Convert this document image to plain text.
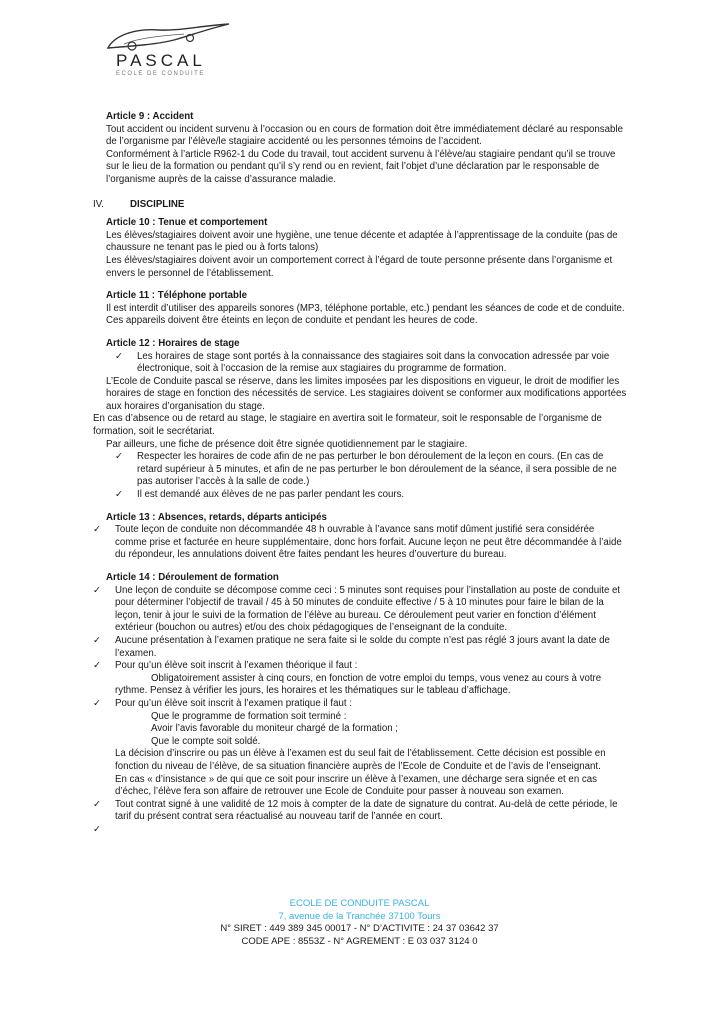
PASCAL
ECOLE DE CONDUITE
Article 9 : Accident
Tout accident ou incident survenu à l’occasion ou en cours de formation doit être immédiatement déclaré au responsable de l’organisme par l’élève/le stagiaire accidenté ou les personnes témoins de l’accident.
Conformément à l’article R962-1 du Code du travail, tout accident survenu à l’élève/au stagiaire pendant qu’il se trouve sur le lieu de la formation ou pendant qu’il s’y rend ou en revient, fait l’objet d’une déclaration par le responsable de l’organisme auprès de la caisse d’assurance maladie.
IV.	DISCIPLINE
Article 10 : Tenue et comportement
Les élèves/stagiaires doivent avoir une hygiène, une tenue décente et adaptée à l’apprentissage de la conduite (pas de chaussure ne tenant pas le pied ou à forts talons)
Les élèves/stagiaires doivent avoir un comportement correct à l’égard de toute personne présente dans l’organisme et envers le personnel de l’établissement.
Article 11 : Téléphone portable
Il est interdit d’utiliser des appareils sonores (MP3, téléphone portable, etc.) pendant les séances de code et de conduite. Ces appareils doivent être éteints en leçon de conduite et pendant les heures de code.
Article 12 : Horaires de stage
✓	Les horaires de stage sont portés à la connaissance des stagiaires soit dans la convocation adressée par voie électronique, soit à l’occasion de la remise aux stagiaires du programme de formation.
L’Ecole de Conduite pascal se réserve, dans les limites imposées par les dispositions en vigueur, le droit de modifier les horaires de stage en fonction des nécessités de service. Les stagiaires doivent se conformer aux modifications apportées aux horaires d’organisation du stage.
En cas d’absence ou de retard au stage, le stagiaire en avertira soit le formateur, soit le responsable de l’organisme de formation, soit le secrétariat.
Par ailleurs, une fiche de présence doit être signée quotidiennement par le stagiaire.
✓	Respecter les horaires de code afin de ne pas perturber le bon déroulement de la leçon en cours. (En cas de retard supérieur à 5 minutes, et afin de ne pas perturber le bon déroulement de la séance, il sera possible de ne pas autoriser l’accès à la salle de code.)
✓	Il est demandé aux élèves de ne pas parler pendant les cours.
Article 13 : Absences, retards, départs anticipés
✓	Toute leçon de conduite non décommandée 48 h ouvrable à l’avance sans motif dûment justifié sera considérée comme prise et facturée en heure supplémentaire, donc hors forfait. Aucune leçon ne peut être décommandée à l’aide du répondeur, les annulations doivent être faites pendant les heures d’ouverture du bureau.
Article 14 : Déroulement de formation
✓	Une leçon de conduite se décompose comme ceci : 5 minutes sont requises pour l’installation au poste de conduite et pour déterminer l’objectif de travail / 45 à 50 minutes de conduite effective / 5 à 10 minutes pour faire le bilan de la leçon, tenir à jour le suivi de la formation de l’élève au bureau. Ce déroulement peut varier en fonction d’élément extérieur (bouchon ou autres) et/ou des choix pédagogiques de l’enseignant de la conduite.
✓	Aucune présentation à l’examen pratique ne sera faite si le solde du compte n’est pas réglé 3 jours avant la date de l’examen.
✓	Pour qu’un élève soit inscrit à l’examen théorique il faut :
Obligatoirement assister à cinq cours, en fonction de votre emploi du temps, vous venez au cours à votre rythme. Pensez à vérifier les jours, les horaires et les thématiques sur le tableau d’affichage.
✓	Pour qu’un élève soit inscrit à l’examen pratique il faut :
Que le programme de formation soit terminé :
Avoir l’avis favorable du moniteur chargé de la formation ;
Que le compte soit soldé.
La décision d’inscrire ou pas un élève à l’examen est du seul fait de l’établissement. Cette décision est possible en fonction du niveau de l’élève, de sa situation financière auprès de l’Ecole de Conduite et de l’avis de l’enseignant.
En cas « d’insistance » de qui que ce soit pour inscrire un élève à l’examen, une décharge sera signée et en cas d’échec, l’élève fera son affaire de retrouver une Ecole de Conduite pour passer à nouveau son examen.
✓	Tout contrat signé à une validité de 12 mois à compter de la date de signature du contrat. Au-delà de cette période, le tarif du présent contrat sera réactualisé au nouveau tarif de l’année en court.
✓
ECOLE DE CONDUITE PASCAL
7, avenue de la Tranchée 37100 Tours
N° SIRET : 449 389 345 00017 - N° D’ACTIVITE : 24 37 03642 37
CODE APE : 8553Z - N° AGREMENT : E 03 037 3124 0
